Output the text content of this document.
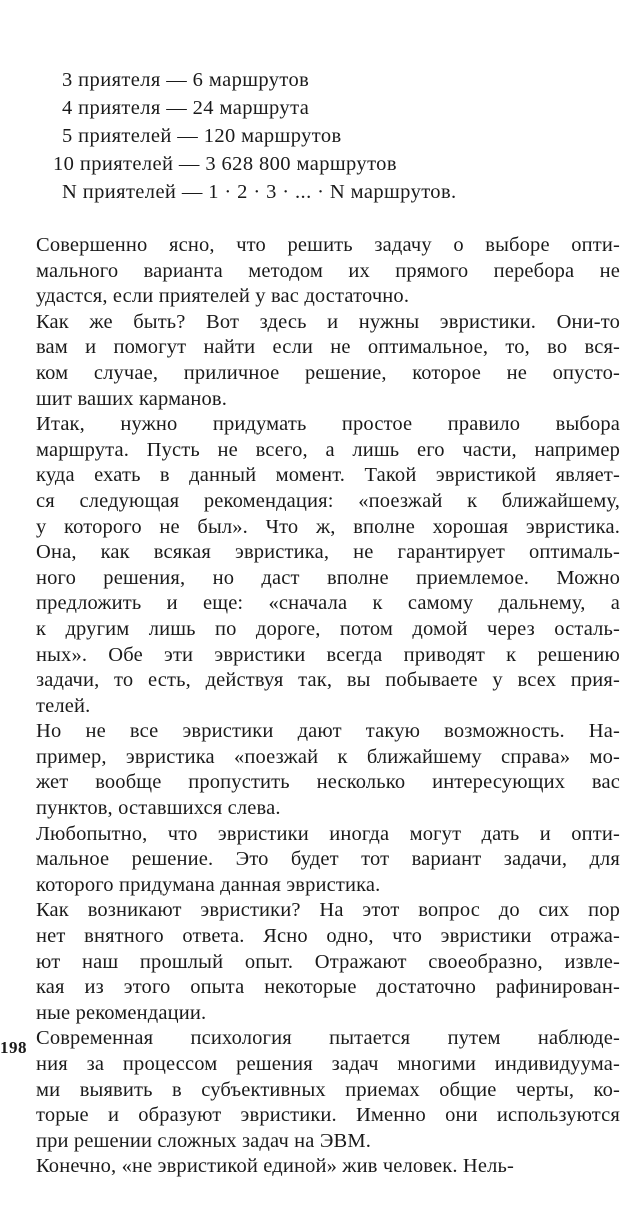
3 приятеля — 6 маршрутов
4 приятеля — 24 маршрута
5 приятелей — 120 маршрутов
10 приятелей — 3 628 800 маршрутов
N приятелей — 1 · 2 · 3 · ... · N маршрутов.
Совершенно ясно, что решить задачу о выборе опти-
мального варианта методом их прямого перебора не
удастся, если приятелей у вас достаточно.
Как же быть? Вот здесь и нужны эвристики. Они-то
вам и помогут найти если не оптимальное, то, во вся-
ком случае, приличное решение, которое не опусто-
шит ваших карманов.
Итак, нужно придумать простое правило выбора
маршрута. Пусть не всего, а лишь его части, например
куда ехать в данный момент. Такой эвристикой являет-
ся следующая рекомендация: «поезжай к ближайшему,
у которого не был». Что ж, вполне хорошая эвристика.
Она, как всякая эвристика, не гарантирует оптималь-
ного решения, но даст вполне приемлемое. Можно
предложить и еще: «сначала к самому дальнему, а
к другим лишь по дороге, потом домой через осталь-
ных». Обе эти эвристики всегда приводят к решению
задачи, то есть, действуя так, вы побываете у всех прия-
телей.
Но не все эвристики дают такую возможность. На-
пример, эвристика «поезжай к ближайшему справа» мо-
жет вообще пропустить несколько интересующих вас
пунктов, оставшихся слева.
Любопытно, что эвристики иногда могут дать и опти-
мальное решение. Это будет тот вариант задачи, для
которого придумана данная эвристика.
Как возникают эвристики? На этот вопрос до сих пор
нет внятного ответа. Ясно одно, что эвристики отража-
ют наш прошлый опыт. Отражают своеобразно, извле-
кая из этого опыта некоторые достаточно рафинирован-
ные рекомендации.
Современная психология пытается путем наблюде-
ния за процессом решения задач многими индивидуума-
ми выявить в субъективных приемах общие черты, ко-
торые и образуют эвристики. Именно они используются
при решении сложных задач на ЭВМ.
Конечно, «не эвристикой единой» жив человек. Нель-
198
